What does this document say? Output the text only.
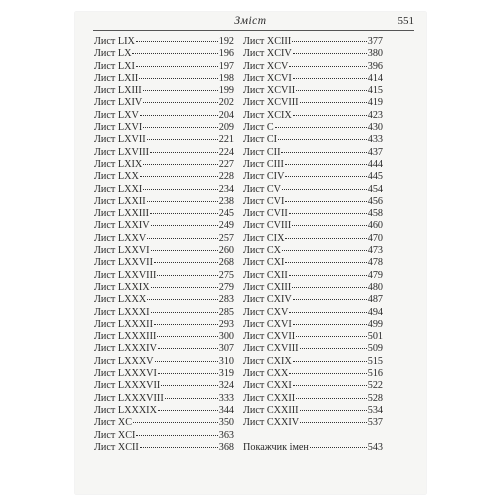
Зміст	551
Лист LIX	192
Лист LX	196
Лист LXI	197
Лист LXII	198
Лист LXIII	199
Лист LXIV	202
Лист LXV	204
Лист LXVI	209
Лист LXVII	221
Лист LXVIII	224
Лист LXIX	227
Лист LXX	228
Лист LXXI	234
Лист LXXII	238
Лист LXXIII	245
Лист LXXIV	249
Лист LXXV	257
Лист LXXVI	260
Лист LXXVII	268
Лист LXXVIII	275
Лист LXXIX	279
Лист LXXX	283
Лист LXXXI	285
Лист LXXXII	293
Лист LXXXIII	300
Лист LXXXIV	307
Лист LXXXV	310
Лист LXXXVI	319
Лист LXXXVII	324
Лист LXXXVIII	333
Лист LXXXIX	344
Лист XC	350
Лист XCI	363
Лист XCII	368
Лист XCIII	377
Лист XCIV	380
Лист XCV	396
Лист XCVI	414
Лист XCVII	415
Лист XCVIII	419
Лист XCIX	423
Лист C	430
Лист CI	433
Лист CII	437
Лист CIII	444
Лист CIV	445
Лист CV	454
Лист CVI	456
Лист CVII	458
Лист CVIII	460
Лист CIX	470
Лист CX	473
Лист CXI	478
Лист CXII	479
Лист CXIII	480
Лист CXIV	487
Лист CXV	494
Лист CXVI	499
Лист CXVII	501
Лист CXVIII	509
Лист CXIX	515
Лист CXX	516
Лист CXXI	522
Лист CXXII	528
Лист CXXIII	534
Лист CXXIV	537
Покажчик імен	543
